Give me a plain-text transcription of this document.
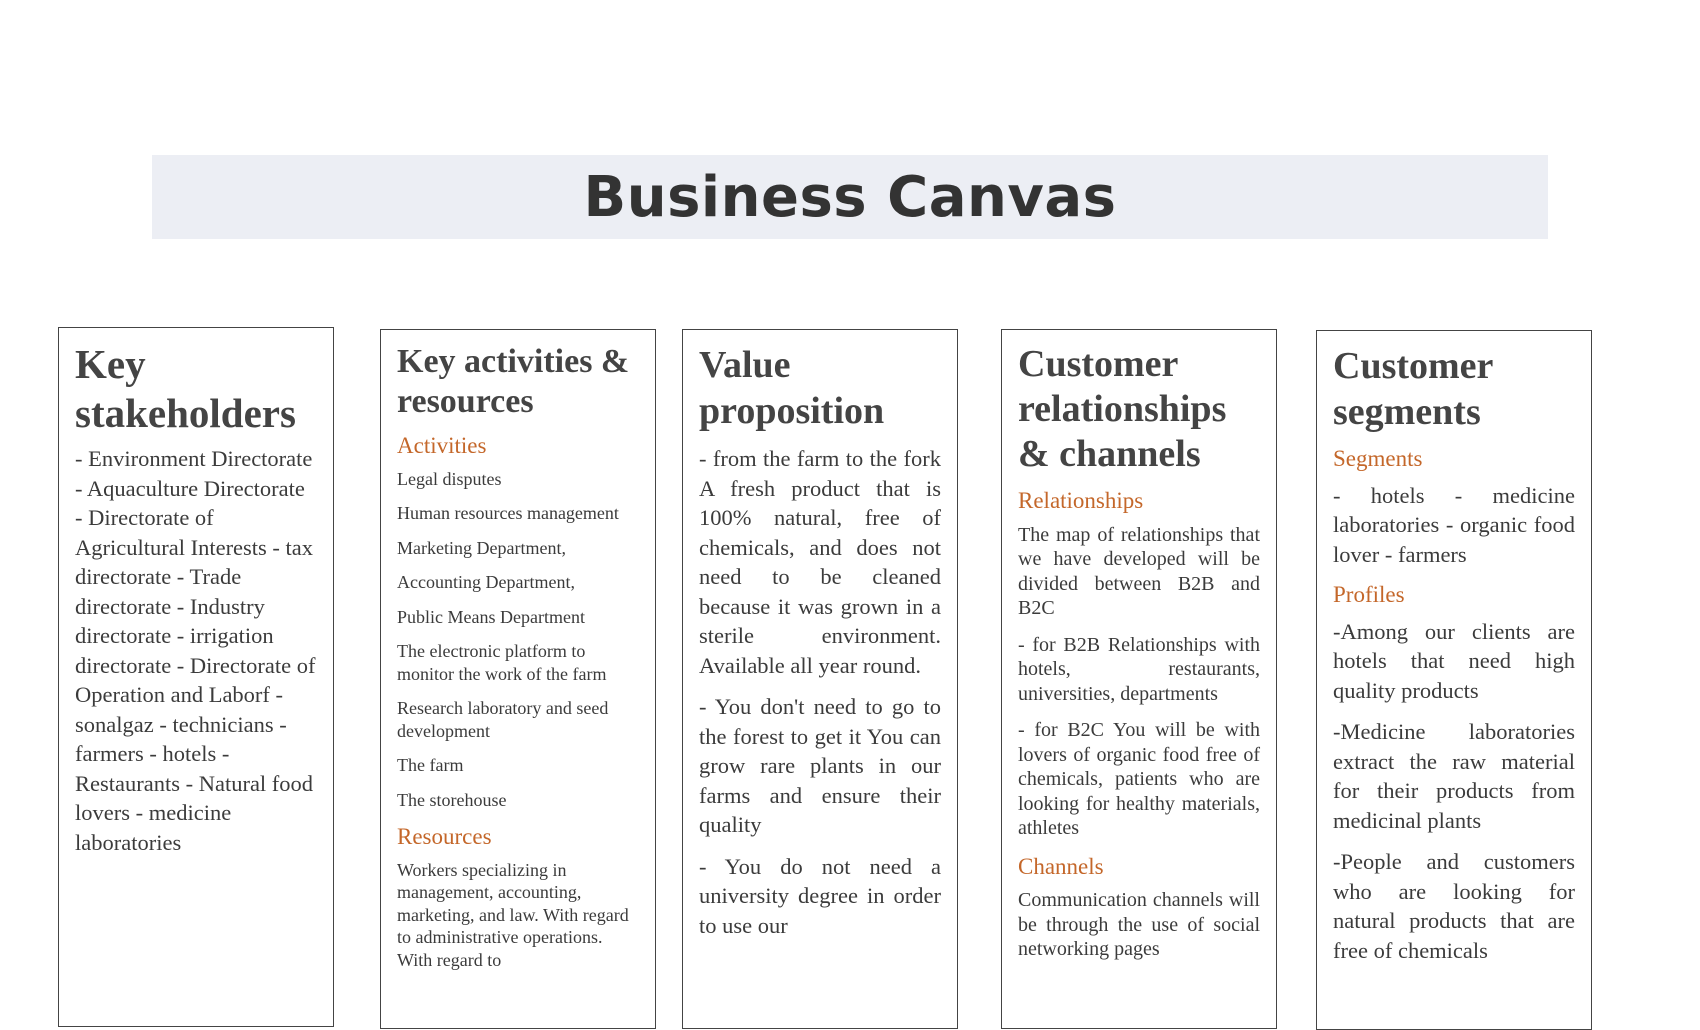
Business Canvas
Key stakeholders

- Environment Directorate - Aquaculture Directorate - Directorate of Agricultural Interests - tax directorate - Trade directorate - Industry directorate - irrigation directorate - Directorate of Operation and Laborf - sonalgaz - technicians - farmers - hotels - Restaurants - Natural food lovers - medicine laboratories

Key activities & resources
Activities
Legal disputes
Human resources management
Marketing Department,
Accounting Department,
Public Means Department
The electronic platform to monitor the work of the farm
Research laboratory and seed development
The farm
The storehouse
Resources

Workers specializing in management, accounting, marketing, and law. With regard to administrative operations. With regard to

Value proposition

- from the farm to the fork A fresh product that is 100% natural, free of chemicals, and does not need to be cleaned because it was grown in a sterile environment. Available all year round.

- You don't need to go to the forest to get it You can grow rare plants in our farms and ensure their quality

- You do not need a university degree in order to use our

Customer relationships & channels
Relationships

The map of relationships that we have developed will be divided between B2B and B2C

- for B2B Relationships with hotels, restaurants, universities, departments

- for B2C You will be with lovers of organic food free of chemicals, patients who are looking for healthy materials, athletes

Channels

Communication channels will be through the use of social networking pages

Customer segments
Segments

- hotels - medicine laboratories - organic food lover - farmers

Profiles

-Among our clients are hotels that need high quality products

-Medicine laboratories extract the raw material for their products from medicinal plants

-People and customers who are looking for natural products that are free of chemicals
